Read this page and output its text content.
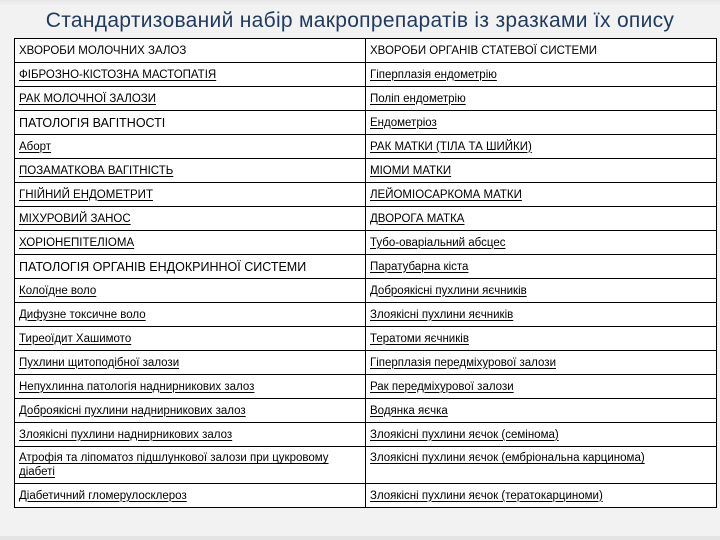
Стандартизований набір макропрепаратів із зразками їх опису
ХВОРОБИ МОЛОЧНИХ ЗАЛОЗ	ХВОРОБИ ОРГАНІВ СТАТЕВОЇ СИСТЕМИ
ФІБРОЗНО-КІСТОЗНА МАСТОПАТІЯ	Гіперплазія ендометрію
РАК МОЛОЧНОЇ ЗАЛОЗИ	Поліп ендометрію
ПАТОЛОГІЯ ВАГІТНОСТІ	Ендометріоз
Аборт	РАК МАТКИ (ТІЛА ТА ШИЙКИ)
ПОЗАМАТКОВА ВАГІТНІСТЬ	МІОМИ МАТКИ
ГНІЙНИЙ ЕНДОМЕТРИТ	ЛЕЙОМІОСАРКОМА МАТКИ
МІХУРОВИЙ ЗАНОС	ДВОРОГА МАТКА
ХОРІОНЕПІТЕЛІОМА	Тубо-оваріальний абсцес
ПАТОЛОГІЯ ОРГАНІВ ЕНДОКРИННОЇ СИСТЕМИ	Паратубарна кіста
Колоїдне воло	Доброякісні пухлини яєчників
Дифузне токсичне воло	Злоякісні пухлини яєчників
Тиреоїдит Хашимото	Тератоми яєчників
Пухлини щитоподібної залози	Гіперплазія передміхурової залози
Непухлинна патологія наднирникових залоз	Рак передміхурової залози
Доброякісні пухлини наднирникових залоз	Водянка яєчка
Злоякісні пухлини наднирникових залоз	Злоякісні пухлини яєчок (семінома)
Атрофія та ліпоматоз підшлункової залози при цукровому діабеті	Злоякісні пухлини яєчок (ембріональна карцинома)
Діабетичний гломерулосклероз	Злоякісні пухлини яєчок (тератокарциноми)
